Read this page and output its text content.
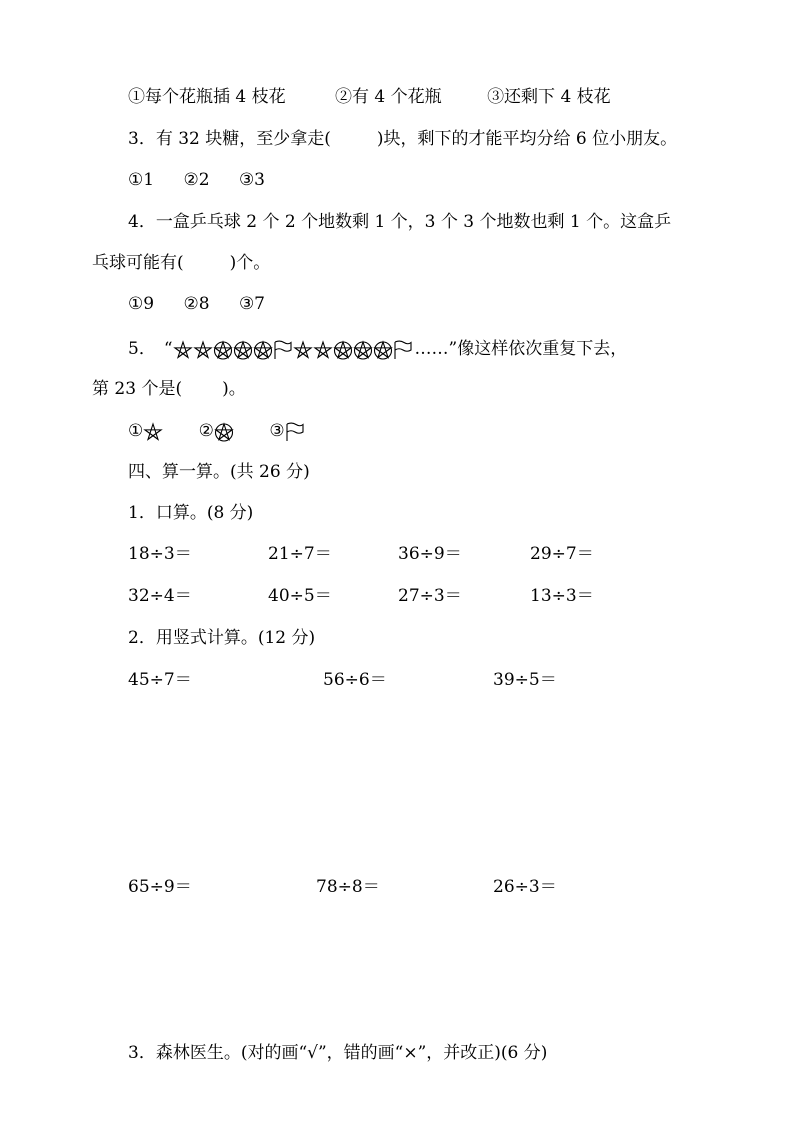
①每个花瓶插 4 枝花	②有 4 个花瓶	③还剩下 4 枝花
3．有 32 块糖，至少拿走(	)块，剩下的才能平均分给 6 位小朋友。
①1 ②2 ③3
4．一盒乒乓球 2 个 2 个地数剩 1 个，3 个 3 个地数也剩 1 个。这盒乒
乓球可能有(	)个。
①9 ②8 ③7
5． “	……”像这样依次重复下去，
第 23 个是( )。
①	②	③
四、算一算。(共 26 分)
1．口算。(8 分)
18÷3＝	21÷7＝	36÷9＝	29÷7＝
32÷4＝	40÷5＝	27÷3＝	13÷3＝
2．用竖式计算。(12 分)
45÷7＝	56÷6＝	39÷5＝
65÷9＝	78÷8＝	26÷3＝
3．森林医生。(对的画“√”，错的画“×”，并改正)(6 分)
